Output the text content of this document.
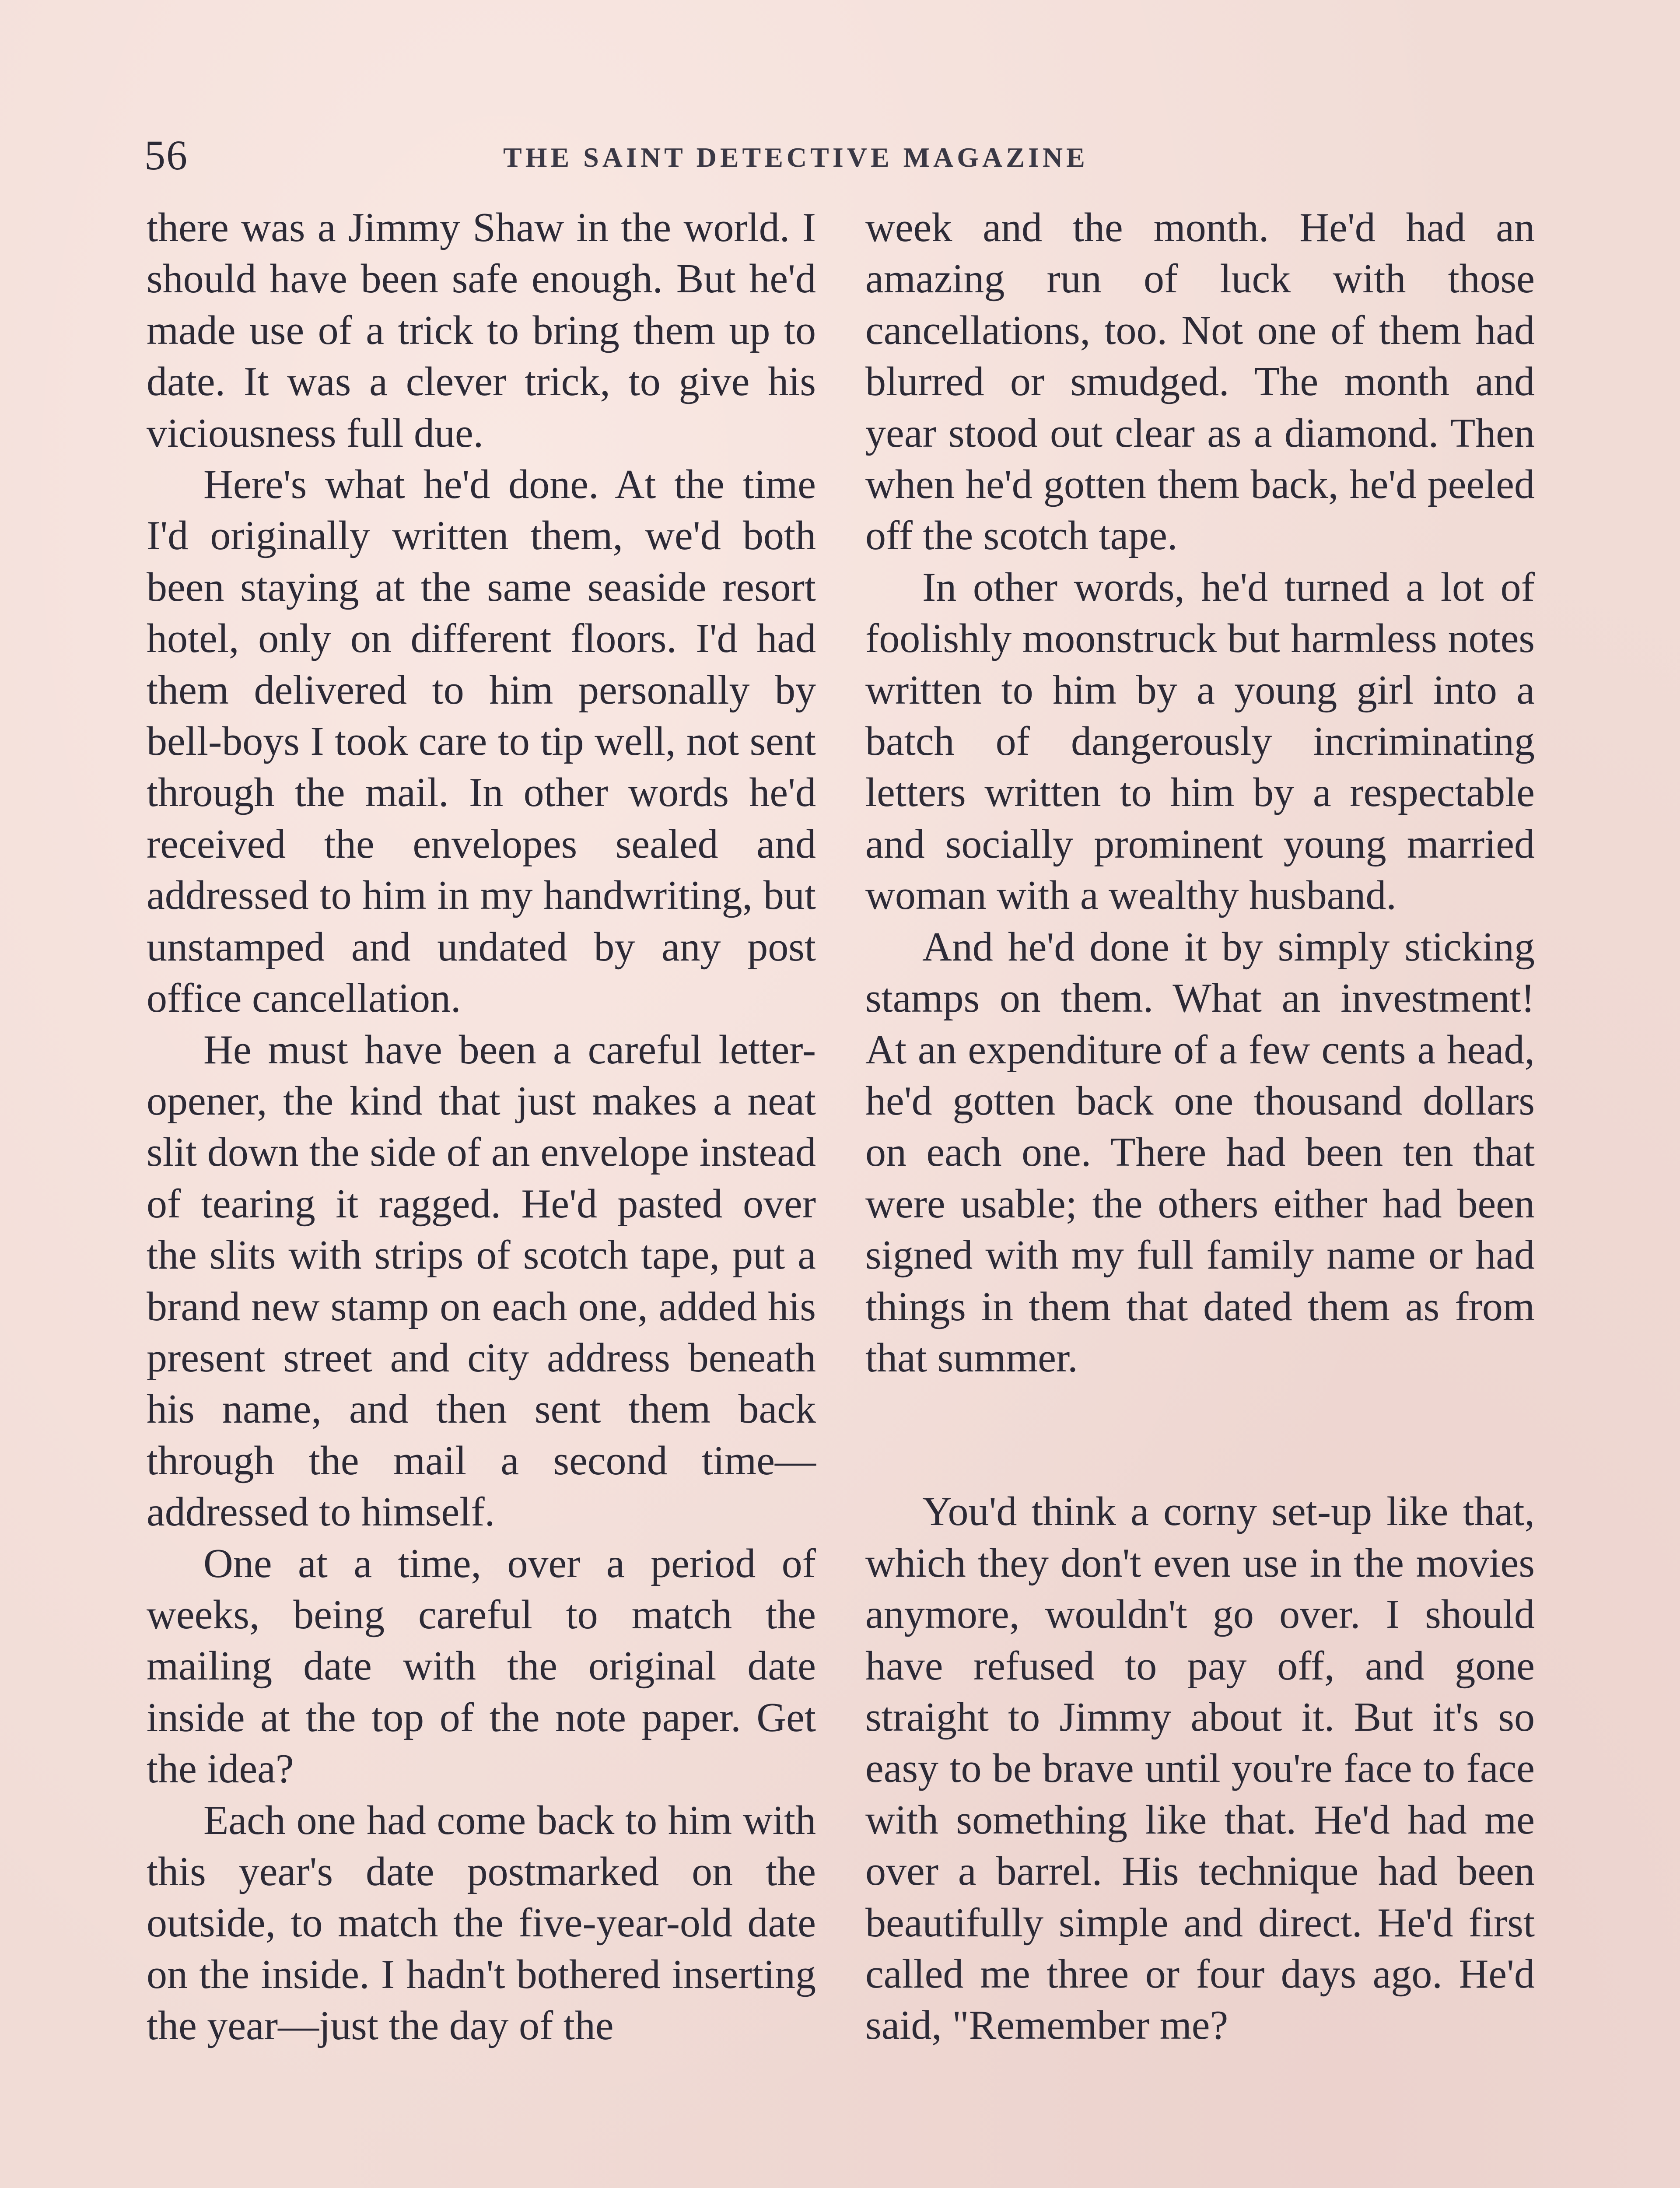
56	THE SAINT DETECTIVE MAGAZINE

there was a Jimmy Shaw in the world. I should have been safe enough. But he'd made use of a trick to bring them up to date. It was a clever trick, to give his viciousness full due.

Here's what he'd done. At the time I'd originally written them, we'd both been staying at the same seaside resort hotel, only on different floors. I'd had them delivered to him personally by bell-boys I took care to tip well, not sent through the mail. In other words he'd received the envelopes sealed and addressed to him in my handwriting, but unstamped and undated by any post office cancellation.

He must have been a careful letter-opener, the kind that just makes a neat slit down the side of an envelope instead of tearing it ragged. He'd pasted over the slits with strips of scotch tape, put a brand new stamp on each one, added his present street and city address beneath his name, and then sent them back through the mail a second time—addressed to himself.

One at a time, over a period of weeks, being careful to match the mailing date with the original date inside at the top of the note paper. Get the idea?

Each one had come back to him with this year's date postmarked on the outside, to match the five-year-old date on the inside. I hadn't bothered inserting the year—just the day of the

week and the month. He'd had an amazing run of luck with those cancellations, too. Not one of them had blurred or smudged. The month and year stood out clear as a diamond. Then when he'd gotten them back, he'd peeled off the scotch tape.

In other words, he'd turned a lot of foolishly moonstruck but harmless notes written to him by a young girl into a batch of dangerously incriminating letters written to him by a respectable and socially prominent young married woman with a wealthy husband.

And he'd done it by simply sticking stamps on them. What an investment! At an expenditure of a few cents a head, he'd gotten back one thousand dollars on each one. There had been ten that were usable; the others either had been signed with my full family name or had things in them that dated them as from that summer.

You'd think a corny set-up like that, which they don't even use in the movies anymore, wouldn't go over. I should have refused to pay off, and gone straight to Jimmy about it. But it's so easy to be brave until you're face to face with something like that. He'd had me over a barrel. His technique had been beautifully simple and direct. He'd first called me three or four days ago. He'd said, "Remember me?
